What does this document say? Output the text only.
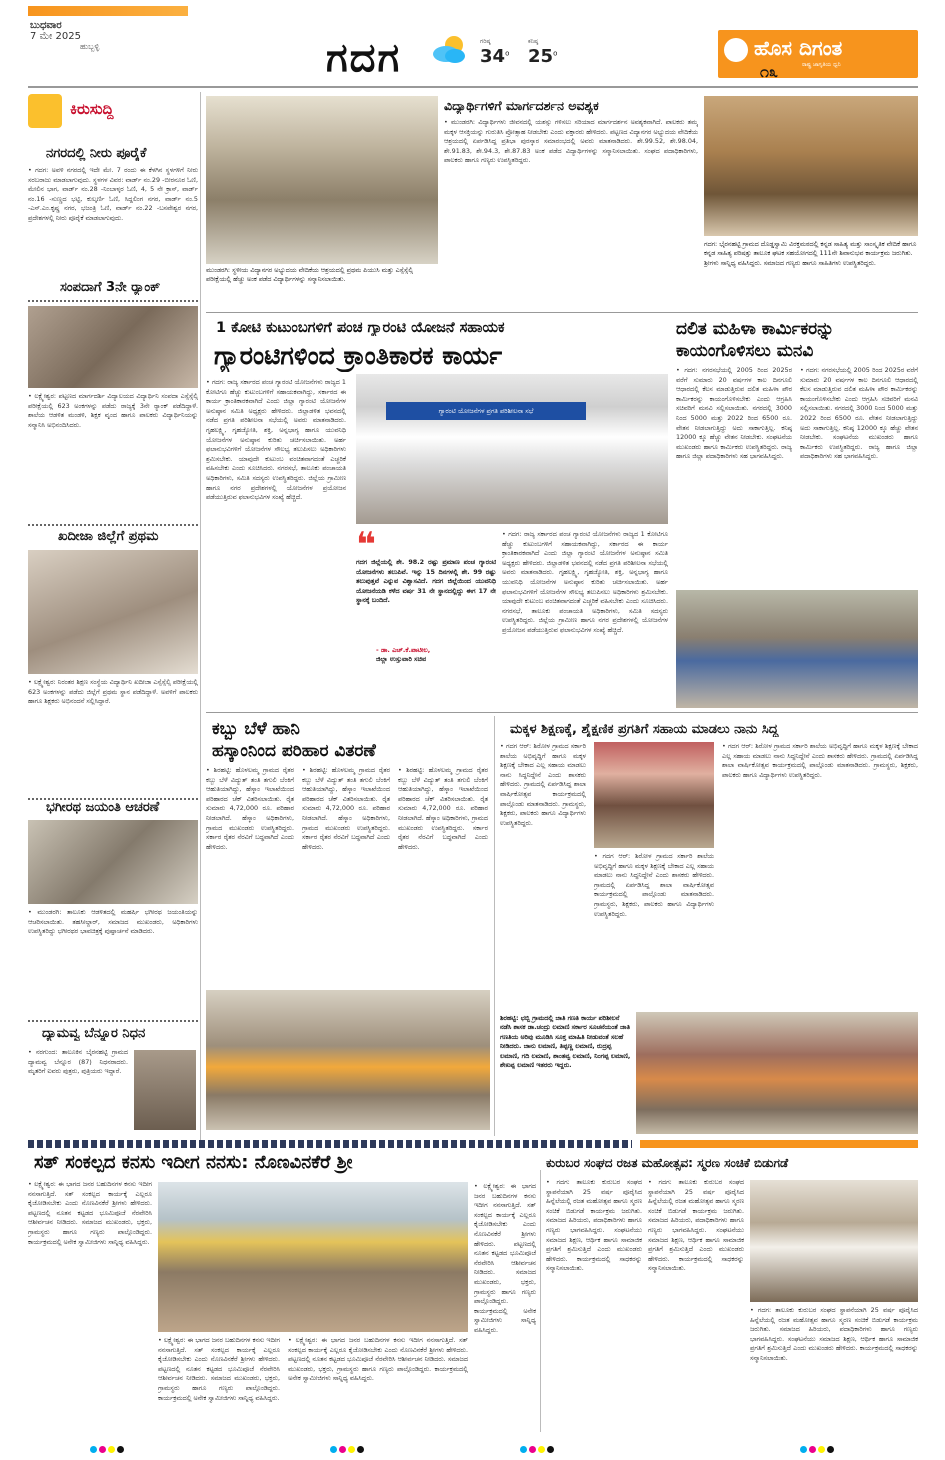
ಬುಧವಾರ
7 ಮೇ 2025
ಹುಬ್ಬಳ್ಳಿ	ಗದಗ	ಗರಿಷ್ಠ
34$^o$
ಕನಿಷ್ಠ
25$^o$	ಹೊಸ ದಿಗಂತ
ರಾಷ್ಟ್ರ ಜಾಗೃತಿಯ ಧ್ವನಿ
೧೩
ಕಿರುಸುದ್ದಿ
ನಗರದಲ್ಲಿ ನೀರು ಪೂರೈಕೆ
• ಗದಗ: ಅವಳಿ ನಗರದಲ್ಲಿ ಇದೇ ಮೇ. 7 ರಂದು ಈ ಕೆಳಗಿನ ಸ್ಥಳಗಳಿಗೆ ನೀರು ಸರಬರಾಜು ಮಾಡಲಾಗುವುದು. ಸ್ಥಳಗಳ ವಿವರ: ವಾರ್ಡ್ ನಂ.29 -ಬೀರನೂರ ಓಣಿ, ಮೇಲಿನ ಭಾಗ, ವಾರ್ಡ್ ನಂ.28 -ನಿಂಬಾಳ್ಕರ ಓಣಿ, 4, 5 ನೇ ಕ್ರಾಸ್, ವಾರ್ಡ್ ನಂ.16 -ಸುಣ್ಣದ ಭಟ್ಟಿ, ಕುಲ್ಕರ್ಣಿ ಓಣಿ, ಸಿದ್ದಲಿಂಗ ನಗರ, ವಾರ್ಡ್ ನಂ.5 -ಎಸ್.ಎಂ.ಕೃಷ್ಣ ನಗರ, ಭಜಂತ್ರಿ ಓಣಿ, ವಾರ್ಡ್ ನಂ.22 -ಬಸವೇಶ್ವರ ನಗರ, ಪ್ರದೇಶಗಳಲ್ಲಿ ನೀರು ಪೂರೈಕೆ ಮಾಡಲಾಗುವುದು.
ಸಂಪದಾಗೆ 3ನೇ ರ್‍ಯಾಂಕ್
• ಲಕ್ಷ್ಮೇಶ್ವರ: ಪಟ್ಟಣದ ಮಾರ್ಗದರ್ಶಿ ವಿದ್ಯಾಲಯದ ವಿದ್ಯಾರ್ಥಿನಿ ಸಂಪದಾ ಎಸ್ಸೆಸ್ಸೆಲ್ಸಿ ಪರೀಕ್ಷೆಯಲ್ಲಿ 623 ಅಂಕಗಳನ್ನು ಪಡೆದು ರಾಜ್ಯಕ್ಕೆ 3ನೇ ರ್‍ಯಾಂಕ್ ಪಡೆದಿದ್ದಾಳೆ. ಶಾಲೆಯ ಆಡಳಿತ ಮಂಡಳಿ, ಶಿಕ್ಷಕ ವೃಂದ ಹಾಗೂ ಪಾಲಕರು ವಿದ್ಯಾರ್ಥಿನಿಯನ್ನು ಸನ್ಮಾನಿಸಿ ಅಭಿನಂದಿಸಿದರು.
ಖದೀಜಾ ಜಿಲ್ಲೆಗೆ ಪ್ರಥಮ
• ಲಕ್ಷ್ಮೇಶ್ವರ: ನಿರಂತರ ಶಿಕ್ಷಣ ಸಂಸ್ಥೆಯ ವಿದ್ಯಾರ್ಥಿನಿ ಖದೀಜಾ ಎಸ್ಸೆಸ್ಸೆಲ್ಸಿ ಪರೀಕ್ಷೆಯಲ್ಲಿ 623 ಅಂಕಗಳನ್ನು ಪಡೆದು ಜಿಲ್ಲೆಗೆ ಪ್ರಥಮ ಸ್ಥಾನ ಪಡೆದಿದ್ದಾಳೆ. ಅವಳಿಗೆ ಪಾಲಕರು ಹಾಗೂ ಶಿಕ್ಷಕರು ಅಭಿನಂದನೆ ಸಲ್ಲಿಸಿದ್ದಾರೆ.
ಭಗೀರಥ ಜಯಂತಿ ಆಚರಣೆ
• ಮುಂಡರಗಿ: ತಾಲೂಕು ಆಡಳಿತದಲ್ಲಿ ಮಹರ್ಷಿ ಭಗೀರಥ ಜಯಂತಿಯನ್ನು ಆಚರಿಸಲಾಯಿತು. ತಹಸೀಲ್ದಾರ್, ಸಮಾಜದ ಮುಖಂಡರು, ಅಧಿಕಾರಿಗಳು ಉಪಸ್ಥಿತರಿದ್ದು ಭಗೀರಥರ ಭಾವಚಿತ್ರಕ್ಕೆ ಪುಷ್ಪಾರ್ಚನೆ ಮಾಡಿದರು.
ದ್ಯಾಮವ್ವ ಬೆನ್ನೂರ ನಿಧನ
• ನರಗುಂದ: ತಾಲೂಕಿನ ಬೈರನಹಟ್ಟಿ ಗ್ರಾಮದ ದ್ಯಾಮವ್ವ ಬೆನ್ನೂರ (87) ನಿಧನರಾದರು. ಮೃತರಿಗೆ ಐವರು ಪುತ್ರರು, ಪುತ್ರಿಯರು ಇದ್ದಾರೆ.
ಮುಂಡರಗಿ: ಸ್ಥಳೀಯ ವಿದ್ಯಾನಗರ ಅಭ್ಯುದಯ ವೇದಿಕೆಯ ಆಶ್ರಯದಲ್ಲಿ ಪ್ರಥಮ ಪಿಯುಸಿ ಮತ್ತು ಎಸ್ಸೆಸ್ಸೆಲ್ಸಿ ಪರೀಕ್ಷೆಯಲ್ಲಿ ಹೆಚ್ಚು ಅಂಕ ಪಡೆದ ವಿದ್ಯಾರ್ಥಿಗಳನ್ನು ಸನ್ಮಾನಿಸಲಾಯಿತು.
ವಿದ್ಯಾರ್ಥಿಗಳಿಗೆ ಮಾರ್ಗದರ್ಶನ ಅವಶ್ಯಕ
• ಮುಂಡರಗಿ: ವಿದ್ಯಾರ್ಥಿಗಳು ಜೀವನದಲ್ಲಿ ಯಶಸ್ಸು ಗಳಿಸಲು ಸರಿಯಾದ ಮಾರ್ಗದರ್ಶನ ಅವಶ್ಯಕವಾಗಿದೆ. ಪಾಲಕರು ತಮ್ಮ ಮಕ್ಕಳ ಆಸಕ್ತಿಯನ್ನು ಗುರುತಿಸಿ ಪ್ರೋತ್ಸಾಹ ನೀಡಬೇಕು ಎಂದು ವಕ್ತಾರರು ಹೇಳಿದರು. ಪಟ್ಟಣದ ವಿದ್ಯಾನಗರ ಅಭ್ಯುದಯ ವೇದಿಕೆಯ ಆಶ್ರಯದಲ್ಲಿ ಏರ್ಪಡಿಸಿದ್ದ ಪ್ರತಿಭಾ ಪುರಸ್ಕಾರ ಸಮಾರಂಭದಲ್ಲಿ ಅವರು ಮಾತನಾಡಿದರು. ಶೇ.99.52, ಶೇ.98.04, ಶೇ.91.83, ಶೇ.94.3, ಶೇ.87.83 ಅಂಕ ಪಡೆದ ವಿದ್ಯಾರ್ಥಿಗಳನ್ನು ಸನ್ಮಾನಿಸಲಾಯಿತು. ಸಂಘದ ಪದಾಧಿಕಾರಿಗಳು, ಪಾಲಕರು ಹಾಗೂ ಗಣ್ಯರು ಉಪಸ್ಥಿತರಿದ್ದರು.
ಗದಗ: ಭೈರನಹಟ್ಟಿ ಗ್ರಾಮದ ದೊಡ್ಡಸ್ವಾಮಿ ವಿರಕ್ತಮಠದಲ್ಲಿ ಕನ್ನಡ ಸಾಹಿತ್ಯ ಮತ್ತು ಸಾಂಸ್ಕೃತಿಕ ವೇದಿಕೆ ಹಾಗೂ ಕನ್ನಡ ಸಾಹಿತ್ಯ ಪರಿಷತ್ತು ತಾಲೂಕ ಘಟಕ ಸಹಯೋಗದಲ್ಲಿ 111ನೇ ಶಿವಾನುಭವ ಕಾರ್ಯಕ್ರಮ ಜರುಗಿತು. ಶ್ರೀಗಳು ಸಾನ್ನಿಧ್ಯ ವಹಿಸಿದ್ದರು. ಸಮಾಜದ ಗಣ್ಯರು ಹಾಗೂ ಸಾಹಿತಿಗಳು ಉಪಸ್ಥಿತರಿದ್ದರು.
1 ಕೋಟಿ ಕುಟುಂಬಗಳಿಗೆ ಪಂಚ ಗ್ಯಾರಂಟಿ ಯೋಜನೆ ಸಹಾಯಕ
ಗ್ಯಾರಂಟಿಗಳಿಂದ ಕ್ರಾಂತಿಕಾರಕ ಕಾರ್ಯ
• ಗದಗ: ರಾಜ್ಯ ಸರ್ಕಾರದ ಪಂಚ ಗ್ಯಾರಂಟಿ ಯೋಜನೆಗಳು ರಾಜ್ಯದ 1 ಕೋಟಿಗೂ ಹೆಚ್ಚು ಕುಟುಂಬಗಳಿಗೆ ಸಹಾಯಕವಾಗಿದ್ದು, ಸರ್ಕಾರದ ಈ ಕಾರ್ಯ ಕ್ರಾಂತಿಕಾರಕವಾಗಿದೆ ಎಂದು ಜಿಲ್ಲಾ ಗ್ಯಾರಂಟಿ ಯೋಜನೆಗಳ ಅನುಷ್ಠಾನ ಸಮಿತಿ ಅಧ್ಯಕ್ಷರು ಹೇಳಿದರು. ಜಿಲ್ಲಾಡಳಿತ ಭವನದಲ್ಲಿ ನಡೆದ ಪ್ರಗತಿ ಪರಿಶೀಲನಾ ಸಭೆಯಲ್ಲಿ ಅವರು ಮಾತನಾಡಿದರು. ಗೃಹಲಕ್ಷ್ಮಿ, ಗೃಹಜ್ಯೋತಿ, ಶಕ್ತಿ, ಅನ್ನಭಾಗ್ಯ ಹಾಗೂ ಯುವನಿಧಿ ಯೋಜನೆಗಳ ಅನುಷ್ಠಾನ ಕುರಿತು ಚರ್ಚಿಸಲಾಯಿತು. ಅರ್ಹ ಫಲಾನುಭವಿಗಳಿಗೆ ಯೋಜನೆಗಳ ಸೌಲಭ್ಯ ತಲುಪಿಸಲು ಅಧಿಕಾರಿಗಳು ಶ್ರಮಿಸಬೇಕು. ಯಾವುದೇ ಕುಟುಂಬ ವಂಚಿತವಾಗದಂತೆ ಎಚ್ಚರಿಕೆ ವಹಿಸಬೇಕು ಎಂದು ಸೂಚಿಸಿದರು. ನಗರಸಭೆ, ತಾಲೂಕು ಪಂಚಾಯತಿ ಅಧಿಕಾರಿಗಳು, ಸಮಿತಿ ಸದಸ್ಯರು ಉಪಸ್ಥಿತರಿದ್ದರು. ಜಿಲ್ಲೆಯ ಗ್ರಾಮೀಣ ಹಾಗೂ ನಗರ ಪ್ರದೇಶಗಳಲ್ಲಿ ಯೋಜನೆಗಳ ಪ್ರಯೋಜನ ಪಡೆಯುತ್ತಿರುವ ಫಲಾನುಭವಿಗಳ ಸಂಖ್ಯೆ ಹೆಚ್ಚಿದೆ.
ಗ್ಯಾರಂಟಿ ಯೋಜನೆಗಳ ಪ್ರಗತಿ ಪರಿಶೀಲನಾ ಸಭೆ
❝
ಗದಗ ಜಿಲ್ಲೆಯಲ್ಲಿ ಶೇ. 98.2 ರಷ್ಟು ಪ್ರಮಾಣ ಪಂಚ ಗ್ಯಾರಂಟಿ ಯೋಜನೆಗಳು ತಲುಪಿವೆ. ಇನ್ನು 15 ದಿನಗಳಲ್ಲಿ ಶೇ. 99 ರಷ್ಟು ತಲುಪುತ್ತವೆ ಎನ್ನುವ ವಿಶ್ವಾಸವಿದೆ. ಗದಗ ಜಿಲ್ಲೆಯಿಂದ ಯುವನಿಧಿ ಯೋಜನೆಯಡಿ ಕಳೆದ ವರ್ಷ 31 ನೇ ಸ್ಥಾನದಲ್ಲಿದ್ದು ಈಗ 17 ನೇ ಸ್ಥಾನಕ್ಕೆ ಬಂದಿದೆ.
- ಡಾ. ಎಚ್.ಕೆ.ಪಾಟೀಲ,
ಜಿಲ್ಲಾ ಉಸ್ತುವಾರಿ ಸಚಿವ
• ಗದಗ: ರಾಜ್ಯ ಸರ್ಕಾರದ ಪಂಚ ಗ್ಯಾರಂಟಿ ಯೋಜನೆಗಳು ರಾಜ್ಯದ 1 ಕೋಟಿಗೂ ಹೆಚ್ಚು ಕುಟುಂಬಗಳಿಗೆ ಸಹಾಯಕವಾಗಿದ್ದು, ಸರ್ಕಾರದ ಈ ಕಾರ್ಯ ಕ್ರಾಂತಿಕಾರಕವಾಗಿದೆ ಎಂದು ಜಿಲ್ಲಾ ಗ್ಯಾರಂಟಿ ಯೋಜನೆಗಳ ಅನುಷ್ಠಾನ ಸಮಿತಿ ಅಧ್ಯಕ್ಷರು ಹೇಳಿದರು. ಜಿಲ್ಲಾಡಳಿತ ಭವನದಲ್ಲಿ ನಡೆದ ಪ್ರಗತಿ ಪರಿಶೀಲನಾ ಸಭೆಯಲ್ಲಿ ಅವರು ಮಾತನಾಡಿದರು. ಗೃಹಲಕ್ಷ್ಮಿ, ಗೃಹಜ್ಯೋತಿ, ಶಕ್ತಿ, ಅನ್ನಭಾಗ್ಯ ಹಾಗೂ ಯುವನಿಧಿ ಯೋಜನೆಗಳ ಅನುಷ್ಠಾನ ಕುರಿತು ಚರ್ಚಿಸಲಾಯಿತು. ಅರ್ಹ ಫಲಾನುಭವಿಗಳಿಗೆ ಯೋಜನೆಗಳ ಸೌಲಭ್ಯ ತಲುಪಿಸಲು ಅಧಿಕಾರಿಗಳು ಶ್ರಮಿಸಬೇಕು. ಯಾವುದೇ ಕುಟುಂಬ ವಂಚಿತವಾಗದಂತೆ ಎಚ್ಚರಿಕೆ ವಹಿಸಬೇಕು ಎಂದು ಸೂಚಿಸಿದರು. ನಗರಸಭೆ, ತಾಲೂಕು ಪಂಚಾಯತಿ ಅಧಿಕಾರಿಗಳು, ಸಮಿತಿ ಸದಸ್ಯರು ಉಪಸ್ಥಿತರಿದ್ದರು. ಜಿಲ್ಲೆಯ ಗ್ರಾಮೀಣ ಹಾಗೂ ನಗರ ಪ್ರದೇಶಗಳಲ್ಲಿ ಯೋಜನೆಗಳ ಪ್ರಯೋಜನ ಪಡೆಯುತ್ತಿರುವ ಫಲಾನುಭವಿಗಳ ಸಂಖ್ಯೆ ಹೆಚ್ಚಿದೆ.
ದಲಿತ ಮಹಿಳಾ ಕಾರ್ಮಿಕರನ್ನು
ಕಾಯಂಗೊಳಿಸಲು ಮನವಿ
• ಗದಗ: ನಗರಸಭೆಯಲ್ಲಿ 2005 ರಿಂದ 2025ರ ವರೆಗೆ ಸುಮಾರು 20 ವರ್ಷಗಳ ಕಾಲ ದಿನಗೂಲಿ ಆಧಾರದಲ್ಲಿ ಕೆಲಸ ಮಾಡುತ್ತಿರುವ ದಲಿತ ಮಹಿಳಾ ಪೌರ ಕಾರ್ಮಿಕರನ್ನು ಕಾಯಂಗೊಳಿಸಬೇಕು ಎಂದು ಆಗ್ರಹಿಸಿ ಸಚಿವರಿಗೆ ಮನವಿ ಸಲ್ಲಿಸಲಾಯಿತು. ನಗರದಲ್ಲಿ 3000 ನಿಂದ 5000 ಮತ್ತು 2022 ರಿಂದ 6500 ರೂ. ವೇತನ ನೀಡಲಾಗುತ್ತಿದ್ದು ಅದು ಸಾಕಾಗುತ್ತಿಲ್ಲ. ಕನಿಷ್ಠ 12000 ಕ್ಕೂ ಹೆಚ್ಚು ವೇತನ ನೀಡಬೇಕು. ಸಂಘಟನೆಯ ಮುಖಂಡರು ಹಾಗೂ ಕಾರ್ಮಿಕರು ಉಪಸ್ಥಿತರಿದ್ದರು. ರಾಜ್ಯ ಹಾಗೂ ಜಿಲ್ಲಾ ಪದಾಧಿಕಾರಿಗಳು ಸಹ ಭಾಗವಹಿಸಿದ್ದರು.
• ಗದಗ: ನಗರಸಭೆಯಲ್ಲಿ 2005 ರಿಂದ 2025ರ ವರೆಗೆ ಸುಮಾರು 20 ವರ್ಷಗಳ ಕಾಲ ದಿನಗೂಲಿ ಆಧಾರದಲ್ಲಿ ಕೆಲಸ ಮಾಡುತ್ತಿರುವ ದಲಿತ ಮಹಿಳಾ ಪೌರ ಕಾರ್ಮಿಕರನ್ನು ಕಾಯಂಗೊಳಿಸಬೇಕು ಎಂದು ಆಗ್ರಹಿಸಿ ಸಚಿವರಿಗೆ ಮನವಿ ಸಲ್ಲಿಸಲಾಯಿತು. ನಗರದಲ್ಲಿ 3000 ನಿಂದ 5000 ಮತ್ತು 2022 ರಿಂದ 6500 ರೂ. ವೇತನ ನೀಡಲಾಗುತ್ತಿದ್ದು ಅದು ಸಾಕಾಗುತ್ತಿಲ್ಲ. ಕನಿಷ್ಠ 12000 ಕ್ಕೂ ಹೆಚ್ಚು ವೇತನ ನೀಡಬೇಕು. ಸಂಘಟನೆಯ ಮುಖಂಡರು ಹಾಗೂ ಕಾರ್ಮಿಕರು ಉಪಸ್ಥಿತರಿದ್ದರು. ರಾಜ್ಯ ಹಾಗೂ ಜಿಲ್ಲಾ ಪದಾಧಿಕಾರಿಗಳು ಸಹ ಭಾಗವಹಿಸಿದ್ದರು.
ಕಬ್ಬು ಬೆಳೆ ಹಾನಿ
ಹಸ್ಕಾಂನಿಂದ ಪರಿಹಾರ ವಿತರಣೆ
• ಶಿರಹಟ್ಟಿ: ಹೊಳಲಮ್ಮ ಗ್ರಾಮದ ರೈತರ ಕಬ್ಬು ಬೆಳೆ ವಿದ್ಯುತ್ ತಂತಿ ತಗುಲಿ ಬೆಂಕಿಗೆ ಆಹುತಿಯಾಗಿದ್ದು, ಹೆಸ್ಕಾಂ ಇಲಾಖೆಯಿಂದ ಪರಿಹಾರದ ಚೆಕ್ ವಿತರಿಸಲಾಯಿತು. ರೈತ ಸುಮಾರು 4,72,000 ರೂ. ಪರಿಹಾರ ನೀಡಲಾಗಿದೆ. ಹೆಸ್ಕಾಂ ಅಧಿಕಾರಿಗಳು, ಗ್ರಾಮದ ಮುಖಂಡರು ಉಪಸ್ಥಿತರಿದ್ದರು. ಸರ್ಕಾರ ರೈತರ ನೆರವಿಗೆ ಬದ್ಧವಾಗಿದೆ ಎಂದು ಹೇಳಿದರು.
• ಶಿರಹಟ್ಟಿ: ಹೊಳಲಮ್ಮ ಗ್ರಾಮದ ರೈತರ ಕಬ್ಬು ಬೆಳೆ ವಿದ್ಯುತ್ ತಂತಿ ತಗುಲಿ ಬೆಂಕಿಗೆ ಆಹುತಿಯಾಗಿದ್ದು, ಹೆಸ್ಕಾಂ ಇಲಾಖೆಯಿಂದ ಪರಿಹಾರದ ಚೆಕ್ ವಿತರಿಸಲಾಯಿತು. ರೈತ ಸುಮಾರು 4,72,000 ರೂ. ಪರಿಹಾರ ನೀಡಲಾಗಿದೆ. ಹೆಸ್ಕಾಂ ಅಧಿಕಾರಿಗಳು, ಗ್ರಾಮದ ಮುಖಂಡರು ಉಪಸ್ಥಿತರಿದ್ದರು. ಸರ್ಕಾರ ರೈತರ ನೆರವಿಗೆ ಬದ್ಧವಾಗಿದೆ ಎಂದು ಹೇಳಿದರು.
• ಶಿರಹಟ್ಟಿ: ಹೊಳಲಮ್ಮ ಗ್ರಾಮದ ರೈತರ ಕಬ್ಬು ಬೆಳೆ ವಿದ್ಯುತ್ ತಂತಿ ತಗುಲಿ ಬೆಂಕಿಗೆ ಆಹುತಿಯಾಗಿದ್ದು, ಹೆಸ್ಕಾಂ ಇಲಾಖೆಯಿಂದ ಪರಿಹಾರದ ಚೆಕ್ ವಿತರಿಸಲಾಯಿತು. ರೈತ ಸುಮಾರು 4,72,000 ರೂ. ಪರಿಹಾರ ನೀಡಲಾಗಿದೆ. ಹೆಸ್ಕಾಂ ಅಧಿಕಾರಿಗಳು, ಗ್ರಾಮದ ಮುಖಂಡರು ಉಪಸ್ಥಿತರಿದ್ದರು. ಸರ್ಕಾರ ರೈತರ ನೆರವಿಗೆ ಬದ್ಧವಾಗಿದೆ ಎಂದು ಹೇಳಿದರು.
ಮಕ್ಕಳ ಶಿಕ್ಷಣಕ್ಕೆ, ಶೈಕ್ಷಣಿಕ ಪ್ರಗತಿಗೆ ಸಹಾಯ ಮಾಡಲು ನಾನು ಸಿದ್ಧ
• ಗದಗ ಆರ್: ಶಿರೋಳ ಗ್ರಾಮದ ಸರ್ಕಾರಿ ಶಾಲೆಯ ಅಭಿವೃದ್ಧಿಗೆ ಹಾಗೂ ಮಕ್ಕಳ ಶಿಕ್ಷಣಕ್ಕೆ ಬೇಕಾದ ಎಲ್ಲ ಸಹಾಯ ಮಾಡಲು ನಾನು ಸಿದ್ಧನಿದ್ದೇನೆ ಎಂದು ಶಾಸಕರು ಹೇಳಿದರು. ಗ್ರಾಮದಲ್ಲಿ ಏರ್ಪಡಿಸಿದ್ದ ಶಾಲಾ ವಾರ್ಷಿಕೋತ್ಸವ ಕಾರ್ಯಕ್ರಮದಲ್ಲಿ ಪಾಲ್ಗೊಂಡು ಮಾತನಾಡಿದರು. ಗ್ರಾಮಸ್ಥರು, ಶಿಕ್ಷಕರು, ಪಾಲಕರು ಹಾಗೂ ವಿದ್ಯಾರ್ಥಿಗಳು ಉಪಸ್ಥಿತರಿದ್ದರು.
• ಗದಗ ಆರ್: ಶಿರೋಳ ಗ್ರಾಮದ ಸರ್ಕಾರಿ ಶಾಲೆಯ ಅಭಿವೃದ್ಧಿಗೆ ಹಾಗೂ ಮಕ್ಕಳ ಶಿಕ್ಷಣಕ್ಕೆ ಬೇಕಾದ ಎಲ್ಲ ಸಹಾಯ ಮಾಡಲು ನಾನು ಸಿದ್ಧನಿದ್ದೇನೆ ಎಂದು ಶಾಸಕರು ಹೇಳಿದರು. ಗ್ರಾಮದಲ್ಲಿ ಏರ್ಪಡಿಸಿದ್ದ ಶಾಲಾ ವಾರ್ಷಿಕೋತ್ಸವ ಕಾರ್ಯಕ್ರಮದಲ್ಲಿ ಪಾಲ್ಗೊಂಡು ಮಾತನಾಡಿದರು. ಗ್ರಾಮಸ್ಥರು, ಶಿಕ್ಷಕರು, ಪಾಲಕರು ಹಾಗೂ ವಿದ್ಯಾರ್ಥಿಗಳು ಉಪಸ್ಥಿತರಿದ್ದರು.
• ಗದಗ ಆರ್: ಶಿರೋಳ ಗ್ರಾಮದ ಸರ್ಕಾರಿ ಶಾಲೆಯ ಅಭಿವೃದ್ಧಿಗೆ ಹಾಗೂ ಮಕ್ಕಳ ಶಿಕ್ಷಣಕ್ಕೆ ಬೇಕಾದ ಎಲ್ಲ ಸಹಾಯ ಮಾಡಲು ನಾನು ಸಿದ್ಧನಿದ್ದೇನೆ ಎಂದು ಶಾಸಕರು ಹೇಳಿದರು. ಗ್ರಾಮದಲ್ಲಿ ಏರ್ಪಡಿಸಿದ್ದ ಶಾಲಾ ವಾರ್ಷಿಕೋತ್ಸವ ಕಾರ್ಯಕ್ರಮದಲ್ಲಿ ಪಾಲ್ಗೊಂಡು ಮಾತನಾಡಿದರು. ಗ್ರಾಮಸ್ಥರು, ಶಿಕ್ಷಕರು, ಪಾಲಕರು ಹಾಗೂ ವಿದ್ಯಾರ್ಥಿಗಳು ಉಪಸ್ಥಿತರಿದ್ದರು.
ಶಿರಹಟ್ಟಿ: ಛಬ್ಬಿ ಗ್ರಾಮದಲ್ಲಿ ಜಾತಿ ಗಣತಿ ಕಾರ್ಯ ಪರಿಶೀಲನೆ ನಡೆಸಿ ಶಾಸಕ ಡಾ.ಚಂದ್ರು ಲಮಾಣಿ ಸರ್ಕಾರ ಸೂಚನೆಯಂತೆ ಜಾತಿ ಗಣತಿಯ ಅರಿವು ಮೂಡಿಸಿ ಸೂಕ್ತ ಮಾಹಿತಿ ನೀಡುವಂತೆ ಸಲಹೆ ನೀಡಿದರು. ಜಾನು ಲಮಾಣಿ, ತಿಪ್ಪಣ್ಣ ಲಮಾಣಿ, ರುದ್ರಪ್ಪ ಲಮಾಣಿ, ಗದಿ ಲಮಾಣಿ, ಶಾಂತವ್ವ ಲಮಾಣಿ, ನಿಂಗಪ್ಪ ಲಮಾಣಿ, ಶೇಖಪ್ಪ ಲಮಾಣಿ ಇತರರು ಇದ್ದರು.
ಸತ್ ಸಂಕಲ್ಪದ ಕನಸು ಇದೀಗ ನನಸು: ನೊಣವಿನಕೆರೆ ಶ್ರೀ
• ಲಕ್ಷ್ಮೇಶ್ವರ: ಈ ಭಾಗದ ಜನರ ಬಹುದಿನಗಳ ಕನಸು ಇದೀಗ ನನಸಾಗುತ್ತಿದೆ. ಸತ್ ಸಂಕಲ್ಪದ ಕಾರ್ಯಕ್ಕೆ ಎಲ್ಲರೂ ಕೈಜೋಡಿಸಬೇಕು ಎಂದು ನೊಣವಿನಕೆರೆ ಶ್ರೀಗಳು ಹೇಳಿದರು. ಪಟ್ಟಣದಲ್ಲಿ ನೂತನ ಕಟ್ಟಡದ ಭೂಮಿಪೂಜೆ ನೆರವೇರಿಸಿ ಆಶೀರ್ವಚನ ನೀಡಿದರು. ಸಮಾಜದ ಮುಖಂಡರು, ಭಕ್ತರು, ಗ್ರಾಮಸ್ಥರು ಹಾಗೂ ಗಣ್ಯರು ಪಾಲ್ಗೊಂಡಿದ್ದರು. ಕಾರ್ಯಕ್ರಮದಲ್ಲಿ ಅನೇಕ ಸ್ವಾಮೀಜಿಗಳು ಸಾನ್ನಿಧ್ಯ ವಹಿಸಿದ್ದರು.
• ಲಕ್ಷ್ಮೇಶ್ವರ: ಈ ಭಾಗದ ಜನರ ಬಹುದಿನಗಳ ಕನಸು ಇದೀಗ ನನಸಾಗುತ್ತಿದೆ. ಸತ್ ಸಂಕಲ್ಪದ ಕಾರ್ಯಕ್ಕೆ ಎಲ್ಲರೂ ಕೈಜೋಡಿಸಬೇಕು ಎಂದು ನೊಣವಿನಕೆರೆ ಶ್ರೀಗಳು ಹೇಳಿದರು. ಪಟ್ಟಣದಲ್ಲಿ ನೂತನ ಕಟ್ಟಡದ ಭೂಮಿಪೂಜೆ ನೆರವೇರಿಸಿ ಆಶೀರ್ವಚನ ನೀಡಿದರು. ಸಮಾಜದ ಮುಖಂಡರು, ಭಕ್ತರು, ಗ್ರಾಮಸ್ಥರು ಹಾಗೂ ಗಣ್ಯರು ಪಾಲ್ಗೊಂಡಿದ್ದರು. ಕಾರ್ಯಕ್ರಮದಲ್ಲಿ ಅನೇಕ ಸ್ವಾಮೀಜಿಗಳು ಸಾನ್ನಿಧ್ಯ ವಹಿಸಿದ್ದರು.
• ಲಕ್ಷ್ಮೇಶ್ವರ: ಈ ಭಾಗದ ಜನರ ಬಹುದಿನಗಳ ಕನಸು ಇದೀಗ ನನಸಾಗುತ್ತಿದೆ. ಸತ್ ಸಂಕಲ್ಪದ ಕಾರ್ಯಕ್ಕೆ ಎಲ್ಲರೂ ಕೈಜೋಡಿಸಬೇಕು ಎಂದು ನೊಣವಿನಕೆರೆ ಶ್ರೀಗಳು ಹೇಳಿದರು. ಪಟ್ಟಣದಲ್ಲಿ ನೂತನ ಕಟ್ಟಡದ ಭೂಮಿಪೂಜೆ ನೆರವೇರಿಸಿ ಆಶೀರ್ವಚನ ನೀಡಿದರು. ಸಮಾಜದ ಮುಖಂಡರು, ಭಕ್ತರು, ಗ್ರಾಮಸ್ಥರು ಹಾಗೂ ಗಣ್ಯರು ಪಾಲ್ಗೊಂಡಿದ್ದರು. ಕಾರ್ಯಕ್ರಮದಲ್ಲಿ ಅನೇಕ ಸ್ವಾಮೀಜಿಗಳು ಸಾನ್ನಿಧ್ಯ ವಹಿಸಿದ್ದರು.
• ಲಕ್ಷ್ಮೇಶ್ವರ: ಈ ಭಾಗದ ಜನರ ಬಹುದಿನಗಳ ಕನಸು ಇದೀಗ ನನಸಾಗುತ್ತಿದೆ. ಸತ್ ಸಂಕಲ್ಪದ ಕಾರ್ಯಕ್ಕೆ ಎಲ್ಲರೂ ಕೈಜೋಡಿಸಬೇಕು ಎಂದು ನೊಣವಿನಕೆರೆ ಶ್ರೀಗಳು ಹೇಳಿದರು. ಪಟ್ಟಣದಲ್ಲಿ ನೂತನ ಕಟ್ಟಡದ ಭೂಮಿಪೂಜೆ ನೆರವೇರಿಸಿ ಆಶೀರ್ವಚನ ನೀಡಿದರು. ಸಮಾಜದ ಮುಖಂಡರು, ಭಕ್ತರು, ಗ್ರಾಮಸ್ಥರು ಹಾಗೂ ಗಣ್ಯರು ಪಾಲ್ಗೊಂಡಿದ್ದರು. ಕಾರ್ಯಕ್ರಮದಲ್ಲಿ ಅನೇಕ ಸ್ವಾಮೀಜಿಗಳು ಸಾನ್ನಿಧ್ಯ ವಹಿಸಿದ್ದರು.
ಕುರುಬರ ಸಂಘದ ರಜತ ಮಹೋತ್ಸವ: ಸ್ಮರಣ ಸಂಚಿಕೆ ಬಿಡುಗಡೆ
• ಗದಗ: ತಾಲೂಕು ಕುರುಬರ ಸಂಘದ ಸ್ಥಾಪನೆಯಾಗಿ 25 ವರ್ಷ ಪೂರೈಸಿದ ಹಿನ್ನೆಲೆಯಲ್ಲಿ ರಜತ ಮಹೋತ್ಸವ ಹಾಗೂ ಸ್ಮರಣ ಸಂಚಿಕೆ ಬಿಡುಗಡೆ ಕಾರ್ಯಕ್ರಮ ಜರುಗಿತು. ಸಮಾಜದ ಹಿರಿಯರು, ಪದಾಧಿಕಾರಿಗಳು ಹಾಗೂ ಗಣ್ಯರು ಭಾಗವಹಿಸಿದ್ದರು. ಸಂಘಟನೆಯು ಸಮಾಜದ ಶಿಕ್ಷಣ, ಆರ್ಥಿಕ ಹಾಗೂ ಸಾಮಾಜಿಕ ಪ್ರಗತಿಗೆ ಶ್ರಮಿಸುತ್ತಿದೆ ಎಂದು ಮುಖಂಡರು ಹೇಳಿದರು. ಕಾರ್ಯಕ್ರಮದಲ್ಲಿ ಸಾಧಕರನ್ನು ಸನ್ಮಾನಿಸಲಾಯಿತು.
• ಗದಗ: ತಾಲೂಕು ಕುರುಬರ ಸಂಘದ ಸ್ಥಾಪನೆಯಾಗಿ 25 ವರ್ಷ ಪೂರೈಸಿದ ಹಿನ್ನೆಲೆಯಲ್ಲಿ ರಜತ ಮಹೋತ್ಸವ ಹಾಗೂ ಸ್ಮರಣ ಸಂಚಿಕೆ ಬಿಡುಗಡೆ ಕಾರ್ಯಕ್ರಮ ಜರುಗಿತು. ಸಮಾಜದ ಹಿರಿಯರು, ಪದಾಧಿಕಾರಿಗಳು ಹಾಗೂ ಗಣ್ಯರು ಭಾಗವಹಿಸಿದ್ದರು. ಸಂಘಟನೆಯು ಸಮಾಜದ ಶಿಕ್ಷಣ, ಆರ್ಥಿಕ ಹಾಗೂ ಸಾಮಾಜಿಕ ಪ್ರಗತಿಗೆ ಶ್ರಮಿಸುತ್ತಿದೆ ಎಂದು ಮುಖಂಡರು ಹೇಳಿದರು. ಕಾರ್ಯಕ್ರಮದಲ್ಲಿ ಸಾಧಕರನ್ನು ಸನ್ಮಾನಿಸಲಾಯಿತು.
• ಗದಗ: ತಾಲೂಕು ಕುರುಬರ ಸಂಘದ ಸ್ಥಾಪನೆಯಾಗಿ 25 ವರ್ಷ ಪೂರೈಸಿದ ಹಿನ್ನೆಲೆಯಲ್ಲಿ ರಜತ ಮಹೋತ್ಸವ ಹಾಗೂ ಸ್ಮರಣ ಸಂಚಿಕೆ ಬಿಡುಗಡೆ ಕಾರ್ಯಕ್ರಮ ಜರುಗಿತು. ಸಮಾಜದ ಹಿರಿಯರು, ಪದಾಧಿಕಾರಿಗಳು ಹಾಗೂ ಗಣ್ಯರು ಭಾಗವಹಿಸಿದ್ದರು. ಸಂಘಟನೆಯು ಸಮಾಜದ ಶಿಕ್ಷಣ, ಆರ್ಥಿಕ ಹಾಗೂ ಸಾಮಾಜಿಕ ಪ್ರಗತಿಗೆ ಶ್ರಮಿಸುತ್ತಿದೆ ಎಂದು ಮುಖಂಡರು ಹೇಳಿದರು. ಕಾರ್ಯಕ್ರಮದಲ್ಲಿ ಸಾಧಕರನ್ನು ಸನ್ಮಾನಿಸಲಾಯಿತು.
